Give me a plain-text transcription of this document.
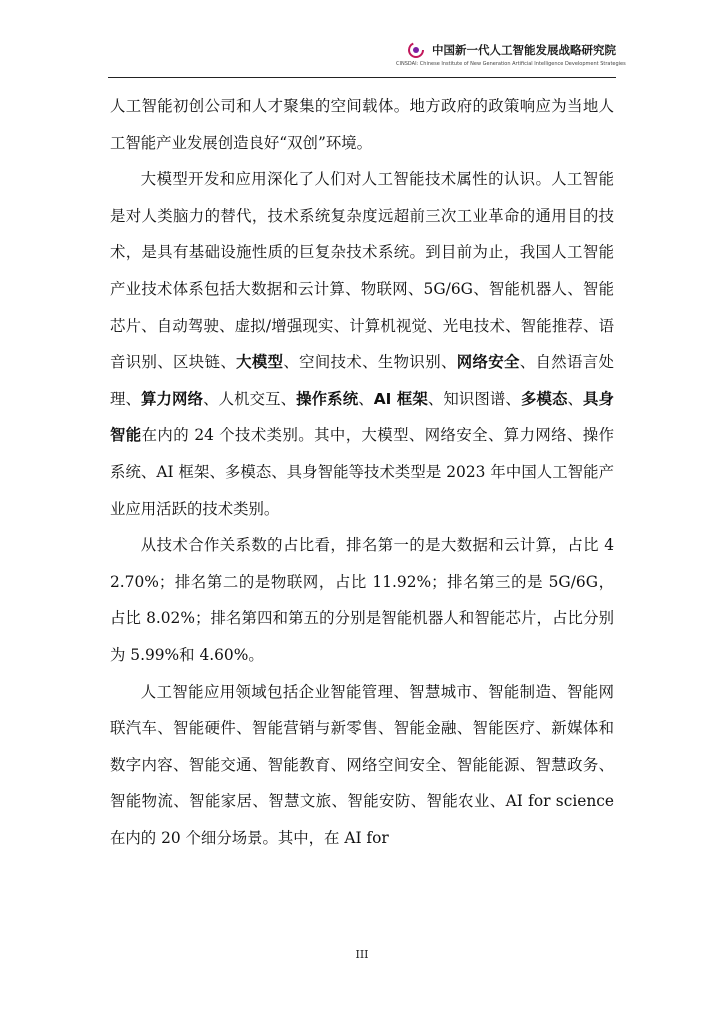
中国新一代人工智能发展战略研究院
CINSDAI: Chinese Institute of New Generation Artificial Intelligence Development Strategies

人工智能初创公司和人才聚集的空间载体。地方政府的政策响应为当地人工智能产业发展创造良好“双创”环境。

大模型开发和应用深化了人们对人工智能技术属性的认识。人工智能是对人类脑力的替代，技术系统复杂度远超前三次工业革命的通用目的技术，是具有基础设施性质的巨复杂技术系统。到目前为止，我国人工智能产业技术体系包括大数据和云计算、物联网、5G/6G、智能机器人、智能芯片、自动驾驶、虚拟/增强现实、计算机视觉、光电技术、智能推荐、语音识别、区块链、大模型、空间技术、生物识别、网络安全、自然语言处理、算力网络、人机交互、操作系统、AI 框架、知识图谱、多模态、具身智能在内的 24 个技术类别。其中，大模型、网络安全、算力网络、操作系统、AI 框架、多模态、具身智能等技术类型是 2023 年中国人工智能产业应用活跃的技术类别。

从技术合作关系数的占比看，排名第一的是大数据和云计算，占比 42.70%；排名第二的是物联网，占比 11.92%；排名第三的是 5G/6G，占比 8.02%；排名第四和第五的分别是智能机器人和智能芯片，占比分别为 5.99%和 4.60%。

人工智能应用领域包括企业智能管理、智慧城市、智能制造、智能网联汽车、智能硬件、智能营销与新零售、智能金融、智能医疗、新媒体和数字内容、智能交通、智能教育、网络空间安全、智能能源、智慧政务、智能物流、智能家居、智慧文旅、智能安防、智能农业、AI for science 在内的 20 个细分场景。其中，在 AI for

III
